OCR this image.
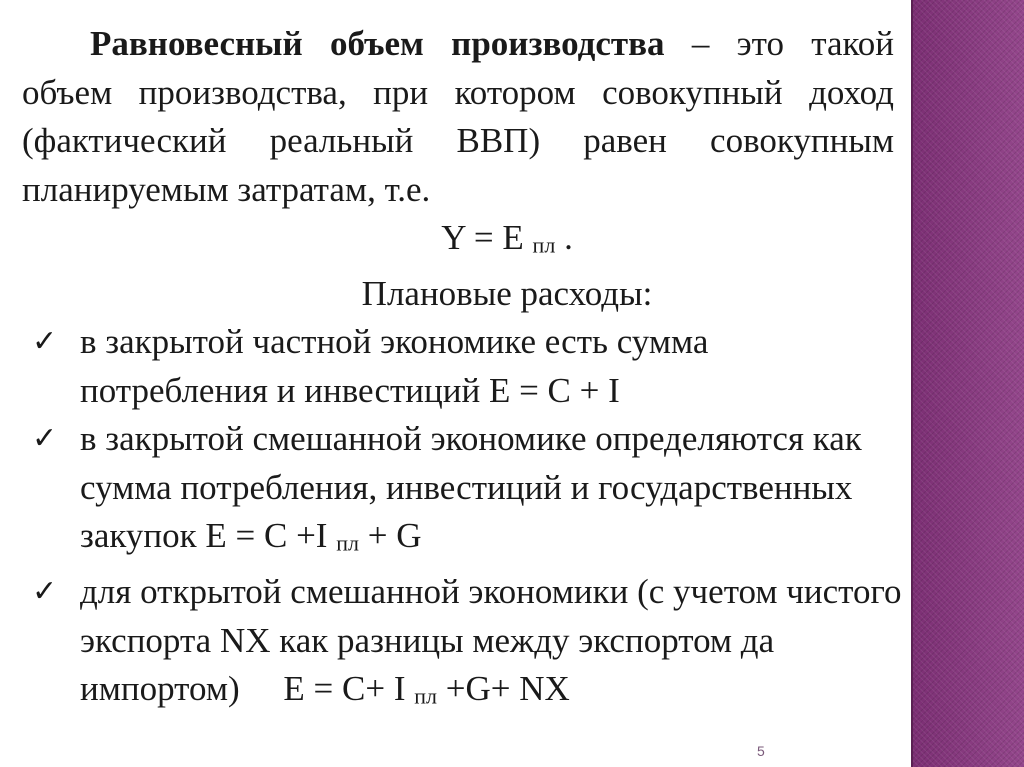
Равновесный объем производства – это такой объем производства, при котором совокупный доход (фактический реальный ВВП) равен совокупным планируемым затратам, т.е.

Y = E пл .

Плановые расходы:

✓ в закрытой частной экономике есть сумма потребления и инвестиций E = C + I
✓ в закрытой смешанной экономике определяются как сумма потребления, инвестиций и государственных закупок E = C +I пл + G
✓ для открытой смешанной экономики (с учетом чистого экспорта NX как разницы между экспортом да импортом)     E = C+ I пл +G+ NX
5
